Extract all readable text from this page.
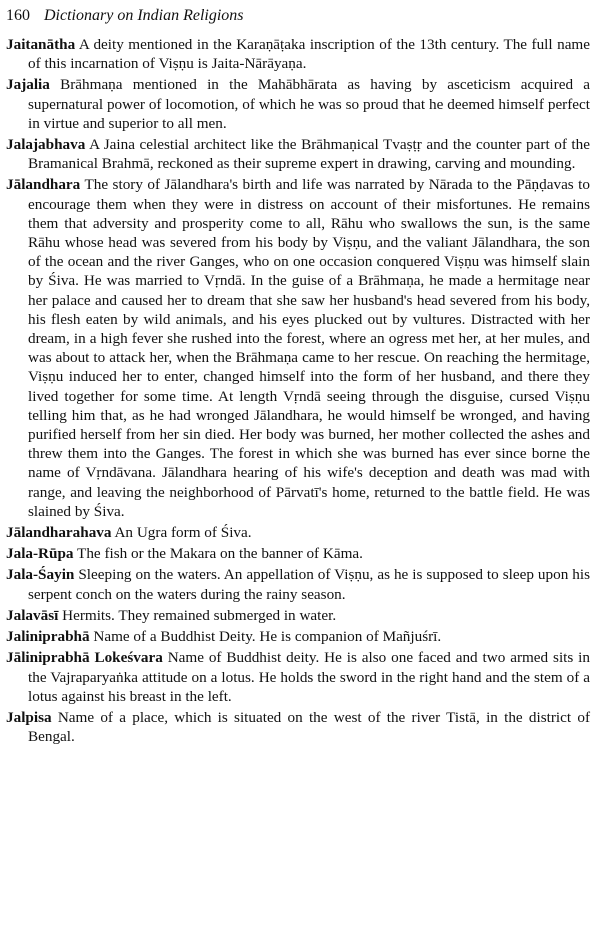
160 Dictionary on Indian Religions

Jaitanātha A deity mentioned in the Karaṇāṭaka inscription of the 13th century. The full name of this incarnation of Viṣṇu is Jaita-Nārāyaṇa.

Jajalia Brāhmaṇa mentioned in the Mahābhārata as having by asceticism acquired a supernatural power of locomotion, of which he was so proud that he deemed himself perfect in virtue and superior to all men.

Jalajabhava A Jaina celestial architect like the Brāhmaṇical Tvaṣṭṛ and the counter part of the Bramanical Brahmā, reckoned as their supreme expert in drawing, carving and mounding.

Jālandhara The story of Jālandhara's birth and life was narrated by Nārada to the Pāṇḍavas to encourage them when they were in distress on account of their misfortunes. He remains them that adversity and prosperity come to all, Rāhu who swallows the sun, is the same Rāhu whose head was severed from his body by Viṣṇu, and the valiant Jālandhara, the son of the ocean and the river Ganges, who on one occasion conquered Viṣṇu was himself slain by Śiva. He was married to Vṛndā. In the guise of a Brāhmaṇa, he made a hermitage near her palace and caused her to dream that she saw her husband's head severed from his body, his flesh eaten by wild animals, and his eyes plucked out by vultures. Distracted with her dream, in a high fever she rushed into the forest, where an ogress met her, at her mules, and was about to attack her, when the Brāhmaṇa came to her rescue. On reaching the hermitage, Viṣṇu induced her to enter, changed himself into the form of her husband, and there they lived together for some time. At length Vṛndā seeing through the disguise, cursed Viṣṇu telling him that, as he had wronged Jālandhara, he would himself be wronged, and having purified herself from her sin died. Her body was burned, her mother collected the ashes and threw them into the Ganges. The forest in which she was burned has ever since borne the name of Vṛndāvana. Jālandhara hearing of his wife's deception and death was mad with range, and leaving the neighborhood of Pārvatī's home, returned to the battle field. He was slained by Śiva.

Jālandharahava An Ugra form of Śiva.

Jala-Rūpa The fish or the Makara on the banner of Kāma.

Jala-Śayin Sleeping on the waters. An appellation of Viṣṇu, as he is supposed to sleep upon his serpent conch on the waters during the rainy season.

Jalavāsī Hermits. They remained submerged in water.

Jaliniprabhā Name of a Buddhist Deity. He is companion of Mañjuśrī.

Jāliniprabhā Lokeśvara Name of Buddhist deity. He is also one faced and two armed sits in the Vajraparyaṅka attitude on a lotus. He holds the sword in the right hand and the stem of a lotus against his breast in the left.

Jalpisa Name of a place, which is situated on the west of the river Tistā, in the district of Bengal.
